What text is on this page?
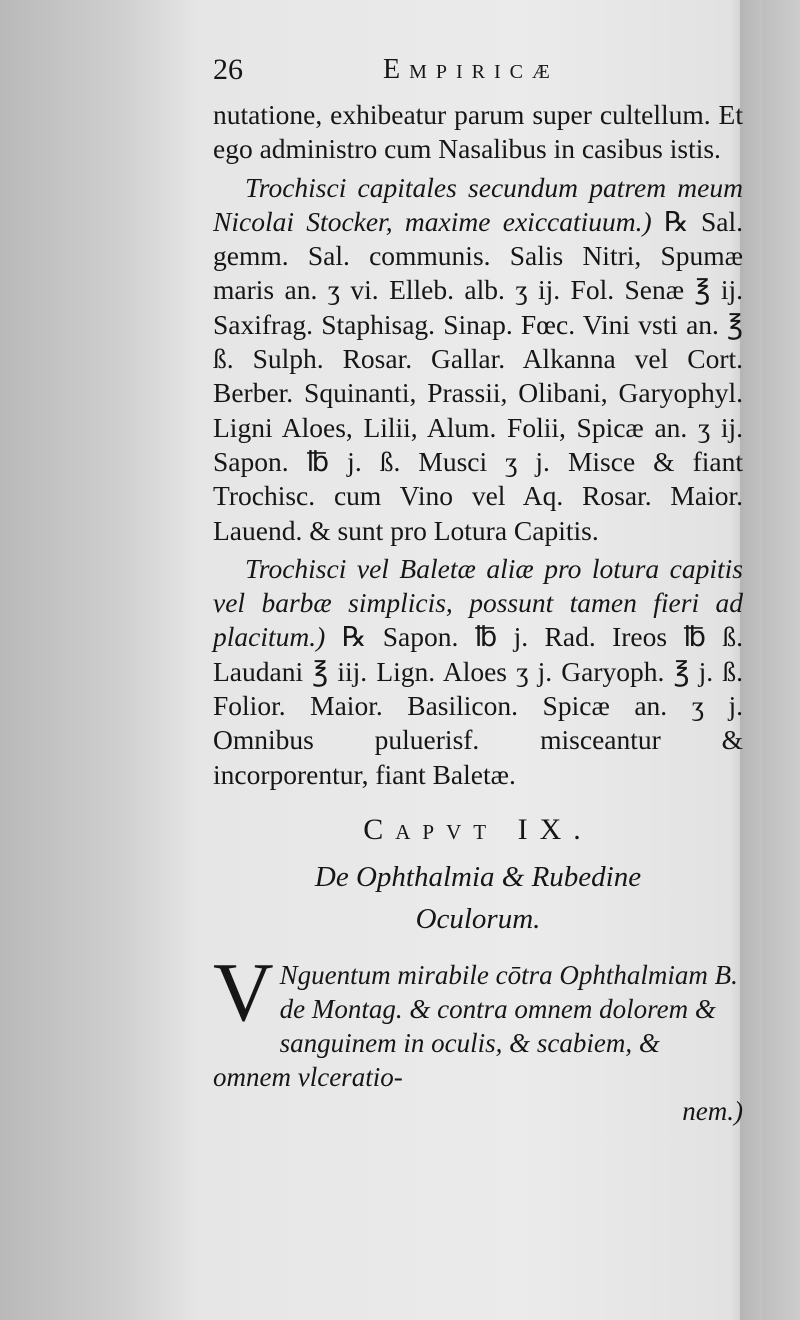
26	Empiricæ
nutatione, exhibeatur parum super cultellum. Et ego administro cum Nasalibus in casibus istis.
Trochisci capitales secundum patrem meum Nicolai Stocker, maxime exiccatiuum.) ℞ Sal. gemm. Sal. communis. Salis Nitri, Spumæ maris an. ʒ vi. Elleb. alb. ʒ ij. Fol. Senæ ℥ ij. Saxifrag. Staphisag. Sinap. Fœc. Vini vsti an. ℥ ß. Sulph. Rosar. Gallar. Alkanna vel Cort. Berber. Squinanti, Prassii, Olibani, Garyophyl. Ligni Aloes, Lilii, Alum. Folii, Spicæ an. ʒ ij. Sapon. ℔ j. ß. Musci ʒ j. Misce & fiant Trochisc. cum Vino vel Aq. Rosar. Maior. Lauend. & sunt pro Lotura Capitis.
Trochisci vel Baletæ aliæ pro lotura capitis vel barbæ simplicis, possunt tamen fieri ad placitum.) ℞ Sapon. ℔ j. Rad. Ireos ℔ ß. Laudani ℥ iij. Lign. Aloes ʒ j. Garyoph. ℥ j. ß. Folior. Maior. Basilicon. Spicæ an. ʒ j. Omnibus puluerisf. misceantur & incorporentur, fiant Baletæ.
Capvt IX.
De Ophthalmia & Rubedine
Oculorum.
V Nguentum mirabile cōtra Ophthalmiam B. de Montag. & contra omnem dolorem & sanguinem in oculis, & scabiem, & omnem vlceratio-
nem.)
